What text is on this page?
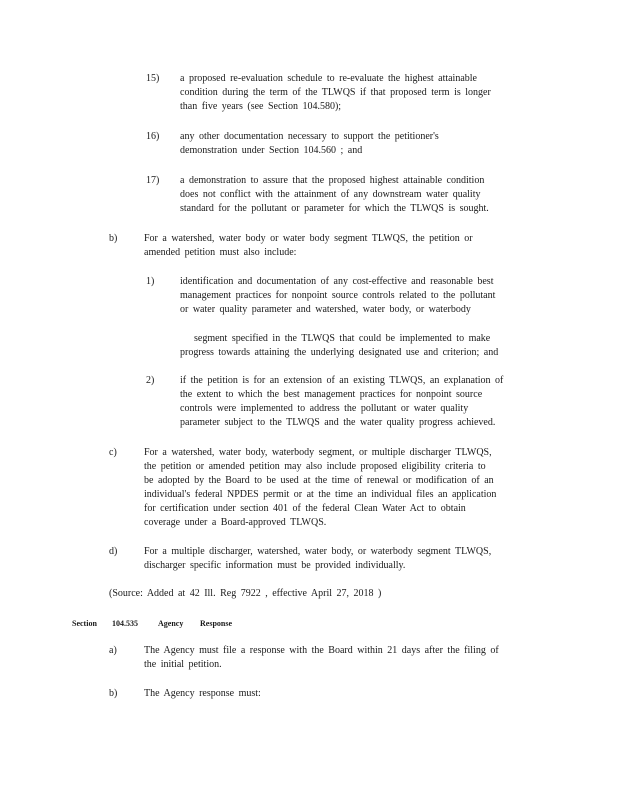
15) a proposed re-evaluation schedule to re-evaluate the highest attainable
condition during the term of the TLWQS if that proposed term is longer
than five years (see Section 104.580);
16) any other documentation necessary to support the petitioner's
demonstration under Section 104.560 ; and
17) a demonstration to assure that the proposed highest attainable condition
does not conflict with the attainment of any downstream water quality
standard for the pollutant or parameter for which the TLWQS is sought.
b)	For a watershed, water body or water body segment TLWQS, the petition or
amended petition must also include:
1)	identification and documentation of any cost-effective and reasonable best
management practices for nonpoint source controls related to the pollutant
or water quality parameter and watershed, water body, or waterbody
segment specified in the TLWQS that could be implemented to make
progress towards attaining the underlying designated use and criterion; and
2)	if the petition is for an extension of an existing TLWQS, an explanation of
the extent to which the best management practices for nonpoint source
controls were implemented to address the pollutant or water quality
parameter subject to the TLWQS and the water quality progress achieved.
c)	For a watershed, water body, waterbody segment, or multiple discharger TLWQS,
the petition or amended petition may also include proposed eligibility criteria to
be adopted by the Board to be used at the time of renewal or modification of an
individual's federal NPDES permit or at the time an individual files an application
for certification under section 401 of the federal Clean Water Act to obtain
coverage under a Board-approved TLWQS.
d)	For a multiple discharger, watershed, water body, or waterbody segment TLWQS,
discharger specific information must be provided individually.
(Source: Added at 42 Ill. Reg 7922 , effective April 27, 2018 )
Section 104.535	Agency Response
a)	The Agency must file a response with the Board within 21 days after the filing of
the initial petition.
b)	The Agency response must:
